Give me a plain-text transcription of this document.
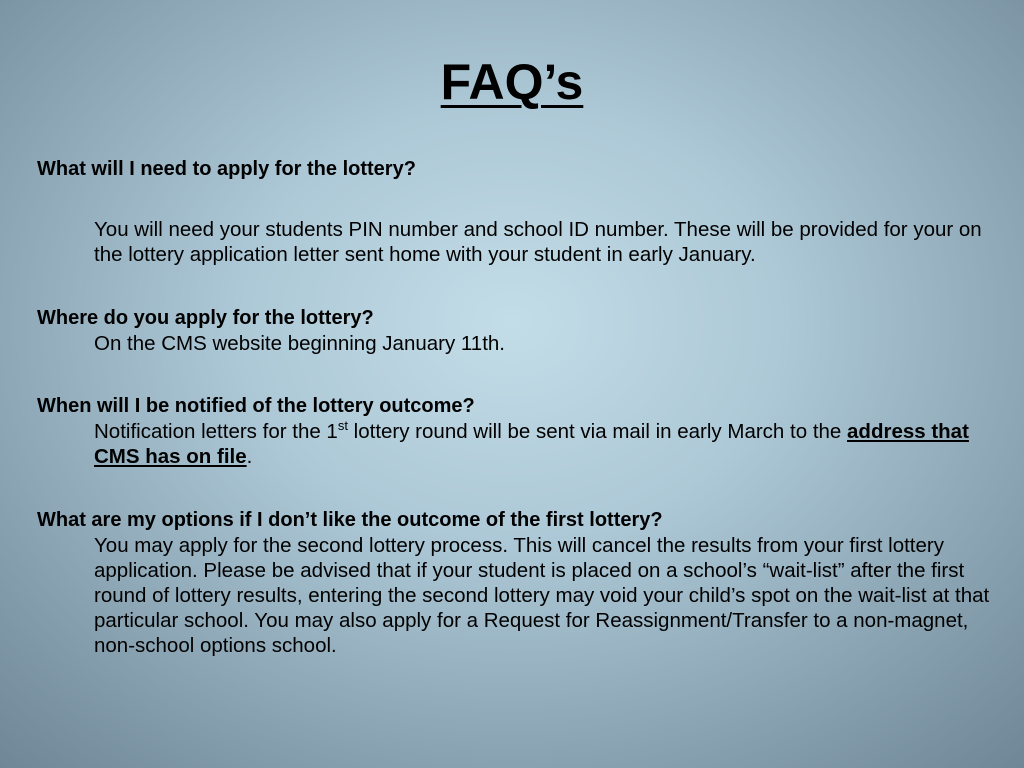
FAQ’s

What will I need to apply for the lottery?

You will need your students PIN number and school ID number. These will be provided for your on the lottery application letter sent home with your student in early January.

Where do you apply for the lottery?

On the CMS website beginning January 11th.

When will I be notified of the lottery outcome?

Notification letters for the 1st lottery round will be sent via mail in early March to the address that CMS has on file.

What are my options if I don’t like the outcome of the first lottery?

You may apply for the second lottery process. This will cancel the results from your first lottery application. Please be advised that if your student is placed on a school’s “wait-list” after the first round of lottery results, entering the second lottery may void your child’s spot on the wait-list at that particular school. You may also apply for a Request for Reassignment/Transfer to a non-magnet, non-school options school.
